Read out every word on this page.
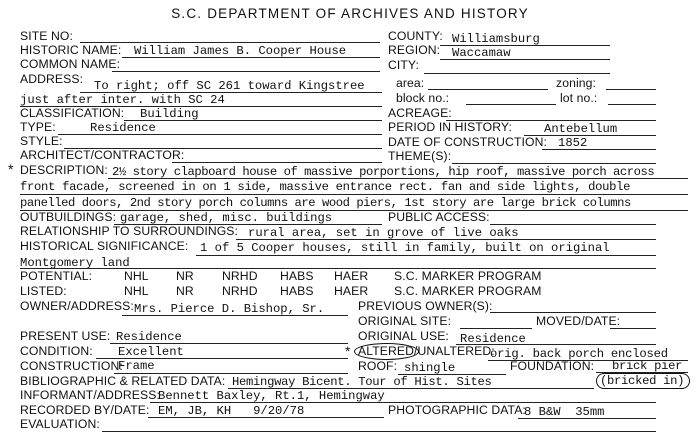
S.C. DEPARTMENT OF ARCHIVES AND HISTORY
SITE NO:
HISTORIC NAME: William James B. Cooper House
COMMON NAME:
ADDRESS: To right; off SC 261 toward Kingstree
just after inter. with SC 24
CLASSIFICATION: Building
TYPE:	Residence
STYLE:
ARCHITECT/CONTRACTOR:
COUNTY: Williamsburg
REGION: Waccamaw
CITY:
area:	zoning:
block no.:	lot no.:
ACREAGE:
PERIOD IN HISTORY:	Antebellum
DATE OF CONSTRUCTION: 1852
THEME(S):
* DESCRIPTION: 2½ story clapboard house of massive porportions, hip roof, massive porch across
front facade, screened in on 1 side, massive entrance rect. fan and side lights, double
panelled doors, 2nd story porch columns are wood piers, 1st story are large brick columns
OUTBUILDINGS: garage, shed, misc. buildings	PUBLIC ACCESS:
RELATIONSHIP TO SURROUNDINGS: rural area, set in grove of live oaks
HISTORICAL SIGNIFICANCE: 1 of 5 Cooper houses, still in family, built on original
Montgomery land
POTENTIAL:	NHL NR NRHD HABS HAER S.C. MARKER PROGRAM
LISTED:	NHL NR NRHD HABS HAER S.C. MARKER PROGRAM
OWNER/ADDRESS: Mrs. Pierce D. Bishop, Sr.	PREVIOUS OWNER(S):
ORIGINAL SITE:	MOVED/DATE:
ORIGINAL USE: Residence
PRESENT USE: Residence
CONDITION: Excellent	* ALTERED /UNALTERED:
orig. back porch enclosed
CONSTRUCTION:
Frame	ROOF: shingle	FOUNDATION: brick pier
(bricked in)
BIBLIOGRAPHIC & RELATED DATA: Hemingway Bicent. Tour of Hist. Sites
INFORMANT/ADDRESS:
Bennett Baxley, Rt.1, Hemingway
RECORDED BY/DATE: EM, JB, KH   9/20/78	PHOTOGRAPHIC DATA:
8 B&W  35mm
EVALUATION:
